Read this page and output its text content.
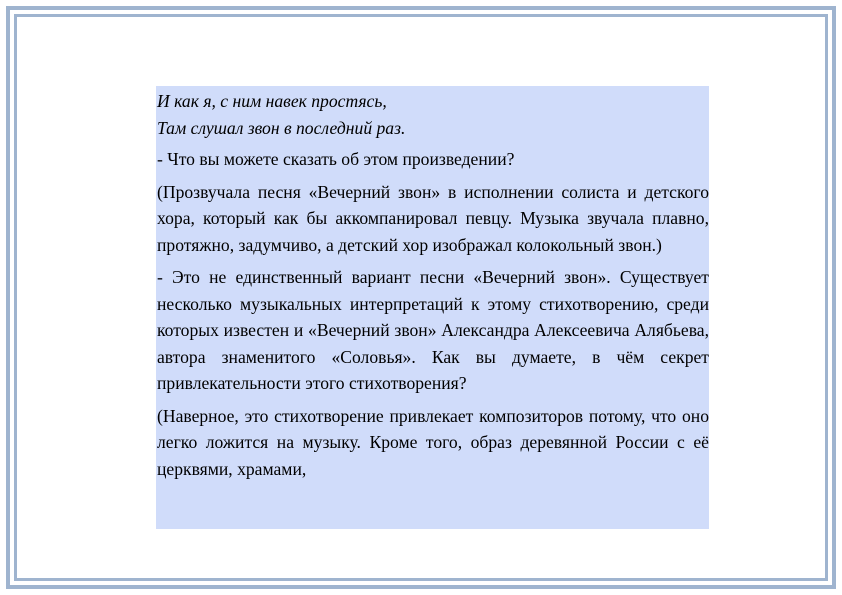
И как я, с ним навек простясь,
Там слушал звон в последний раз.

- Что вы можете сказать об этом произведении?

(Прозвучала песня «Вечерний звон» в исполнении солиста и детского хора, который как бы аккомпанировал певцу. Музыка звучала плавно, протяжно, задумчиво, а детский хор изображал колокольный звон.)

- Это не единственный вариант песни «Вечерний звон». Существует несколько музыкальных интерпретаций к этому стихотворению, среди которых известен и «Вечерний звон» Александра Алексеевича Алябьева, автора знаменитого «Соловья». Как вы думаете, в чём секрет привлекательности этого стихотворения?

(Наверное, это стихотворение привлекает композиторов потому, что оно легко ложится на музыку. Кроме того, образ деревянной России с её церквями, храмами,
